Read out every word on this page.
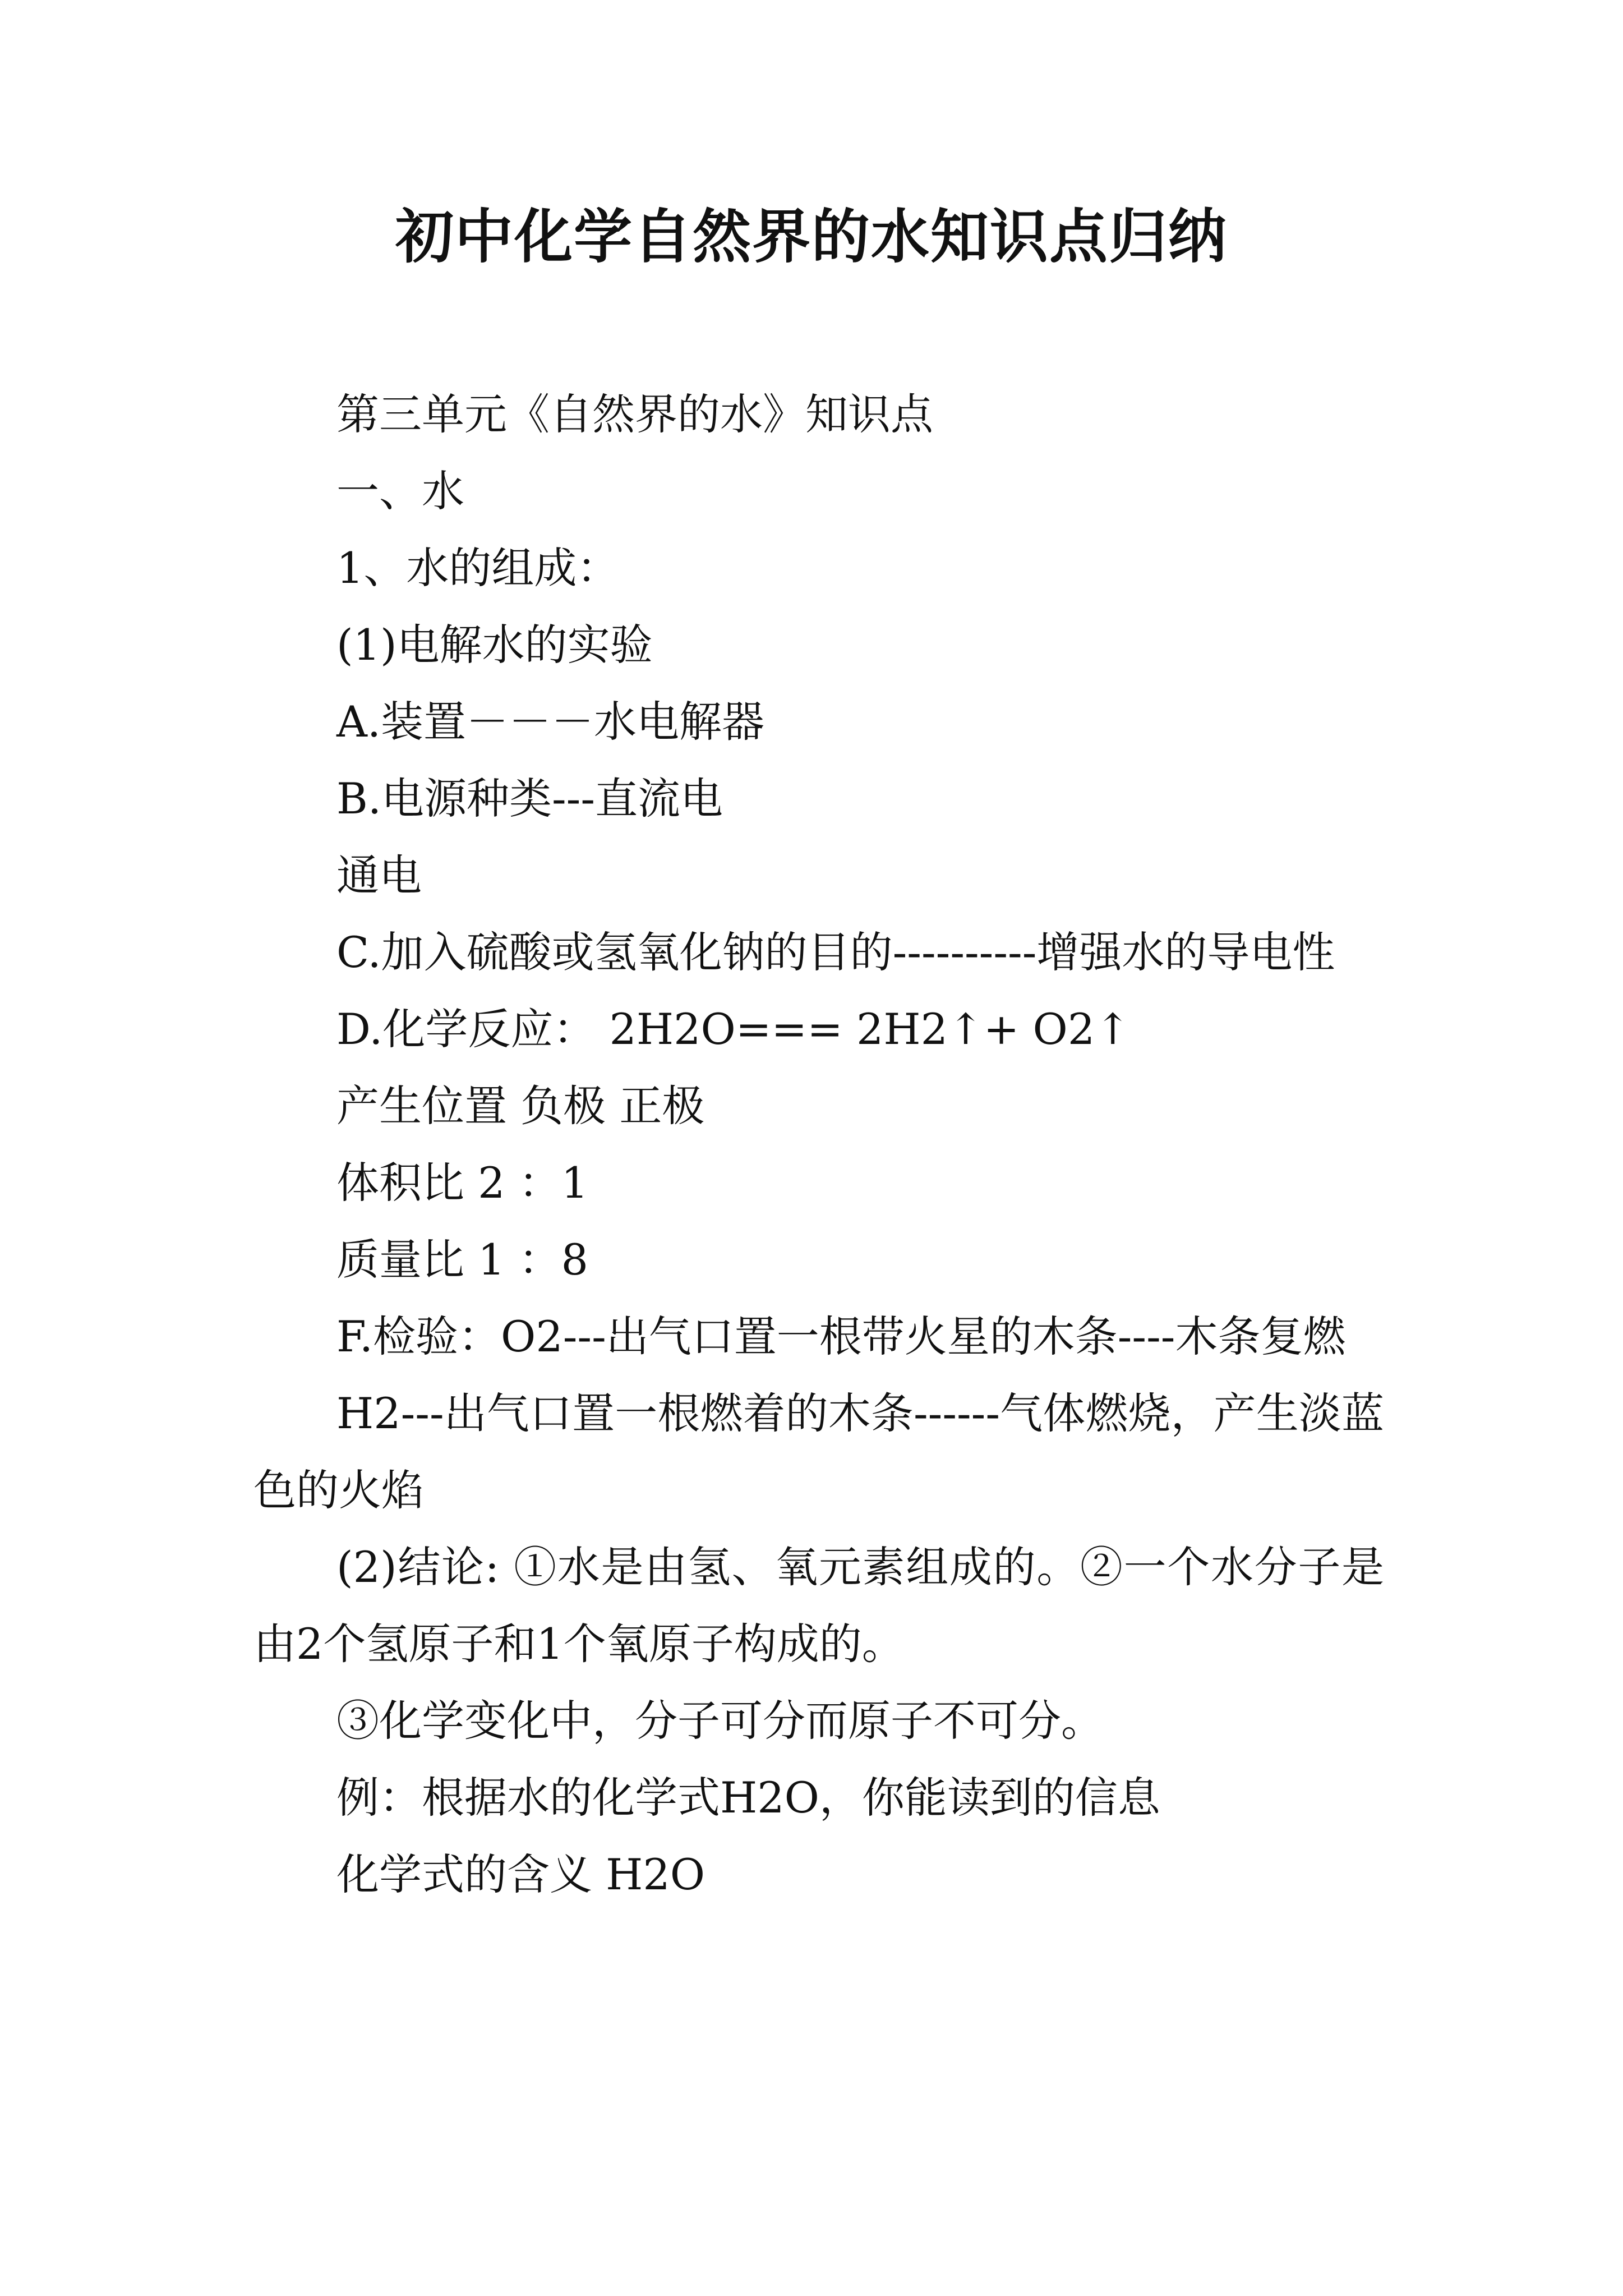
初中化学自然界的水知识点归纳

第三单元《自然界的水》知识点

一、水

1、水的组成：

(1)电解水的实验

A.装置－－－水电解器

B.电源种类---直流电

通电

C.加入硫酸或氢氧化钠的目的----------增强水的导电性

D.化学反应： 2H2O=== 2H2↑+ O2↑

产生位置 负极 正极

体积比 2 ：1

质量比 1 ：8

F.检验：O2---出气口置一根带火星的木条----木条复燃

H2---出气口置一根燃着的木条------气体燃烧，产生淡蓝色的火焰

(2)结论: ①水是由氢、氧元素组成的。②一个水分子是由2个氢原子和1个氧原子构成的。

③化学变化中，分子可分而原子不可分。

例：根据水的化学式H2O，你能读到的信息

化学式的含义 H2O
